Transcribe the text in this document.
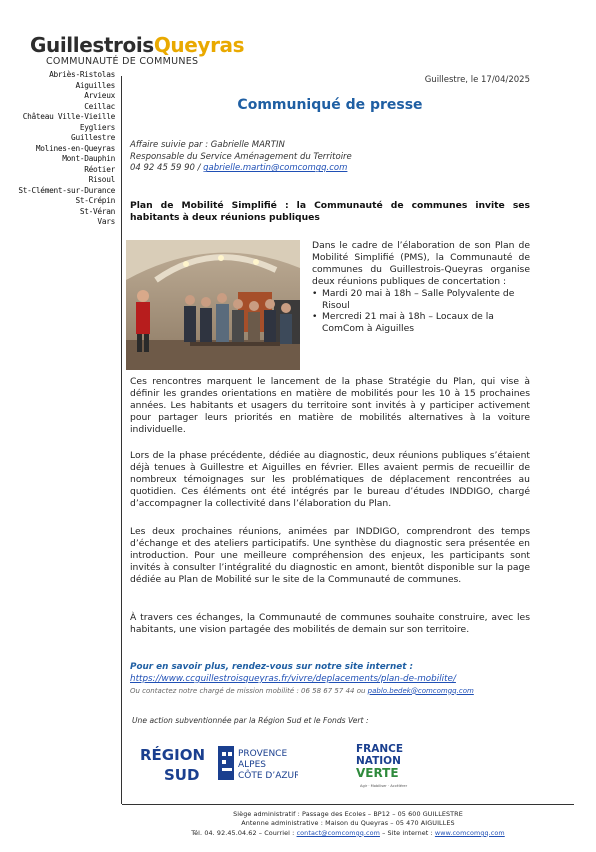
GuillestroisQueyras
COMMUNAUTÉ DE COMMUNES
Abriès-Ristolas
Aiguilles
Arvieux
Ceillac
Château Ville-Vieille
Eygliers
Guillestre
Molines-en-Queyras
Mont-Dauphin
Réotier
Risoul
St-Clément-sur-Durance
St-Crépin
St-Véran
Vars
Guillestre, le 17/04/2025
Communiqué de presse
Affaire suivie par : Gabrielle MARTIN
Responsable du Service Aménagement du Territoire
04 92 45 59 90 / gabrielle.martin@comcomgq.com
Plan de Mobilité Simplifié : la Communauté de communes invite ses habitants à deux réunions publiques
Dans le cadre de l’élaboration de son Plan de Mobilité Simplifié (PMS), la Communauté de communes du Guillestrois-Queyras organise deux réunions publiques de concertation :
• Mardi 20 mai à 18h – Salle Polyvalente de Risoul
• Mercredi 21 mai à 18h – Locaux de la ComCom à Aiguilles
Ces rencontres marquent le lancement de la phase Stratégie du Plan, qui vise à définir les grandes orientations en matière de mobilités pour les 10 à 15 prochaines années. Les habitants et usagers du territoire sont invités à y participer activement pour partager leurs priorités en matière de mobilités alternatives à la voiture individuelle.
Lors de la phase précédente, dédiée au diagnostic, deux réunions publiques s’étaient déjà tenues à Guillestre et Aiguilles en février. Elles avaient permis de recueillir de nombreux témoignages sur les problématiques de déplacement rencontrées au quotidien. Ces éléments ont été intégrés par le bureau d’études INDDIGO, chargé d’accompagner la collectivité dans l’élaboration du Plan.
Les deux prochaines réunions, animées par INDDIGO, comprendront des temps d’échange et des ateliers participatifs. Une synthèse du diagnostic sera présentée en introduction. Pour une meilleure compréhension des enjeux, les participants sont invités à consulter l’intégralité du diagnostic en amont, bientôt disponible sur la page dédiée au Plan de Mobilité sur le site de la Communauté de communes.
À travers ces échanges, la Communauté de communes souhaite construire, avec les habitants, une vision partagée des mobilités de demain sur son territoire.
Pour en savoir plus, rendez-vous sur notre site internet :
https://www.ccguillestroisqueyras.fr/vivre/deplacements/plan-de-mobilite/
Ou contactez notre chargé de mission mobilité : 06 58 67 57 44 ou pablo.bedek@comcomgq.com
Une action subventionnée par la Région Sud et le Fonds Vert :
RÉGION
SUD
PROVENCE
ALPES
CÔTE D’AZUR
FRANCE
NATION
VERTE
Agir · Mobiliser · Accélérer
Siège administratif : Passage des Ecoles – BP12 – 05 600 GUILLESTRE
Antenne administrative : Maison du Queyras – 05 470 AIGUILLES
Tél. 04. 92.45.04.62 – Courriel : contact@comcomgq.com – Site internet : www.comcomgq.com
